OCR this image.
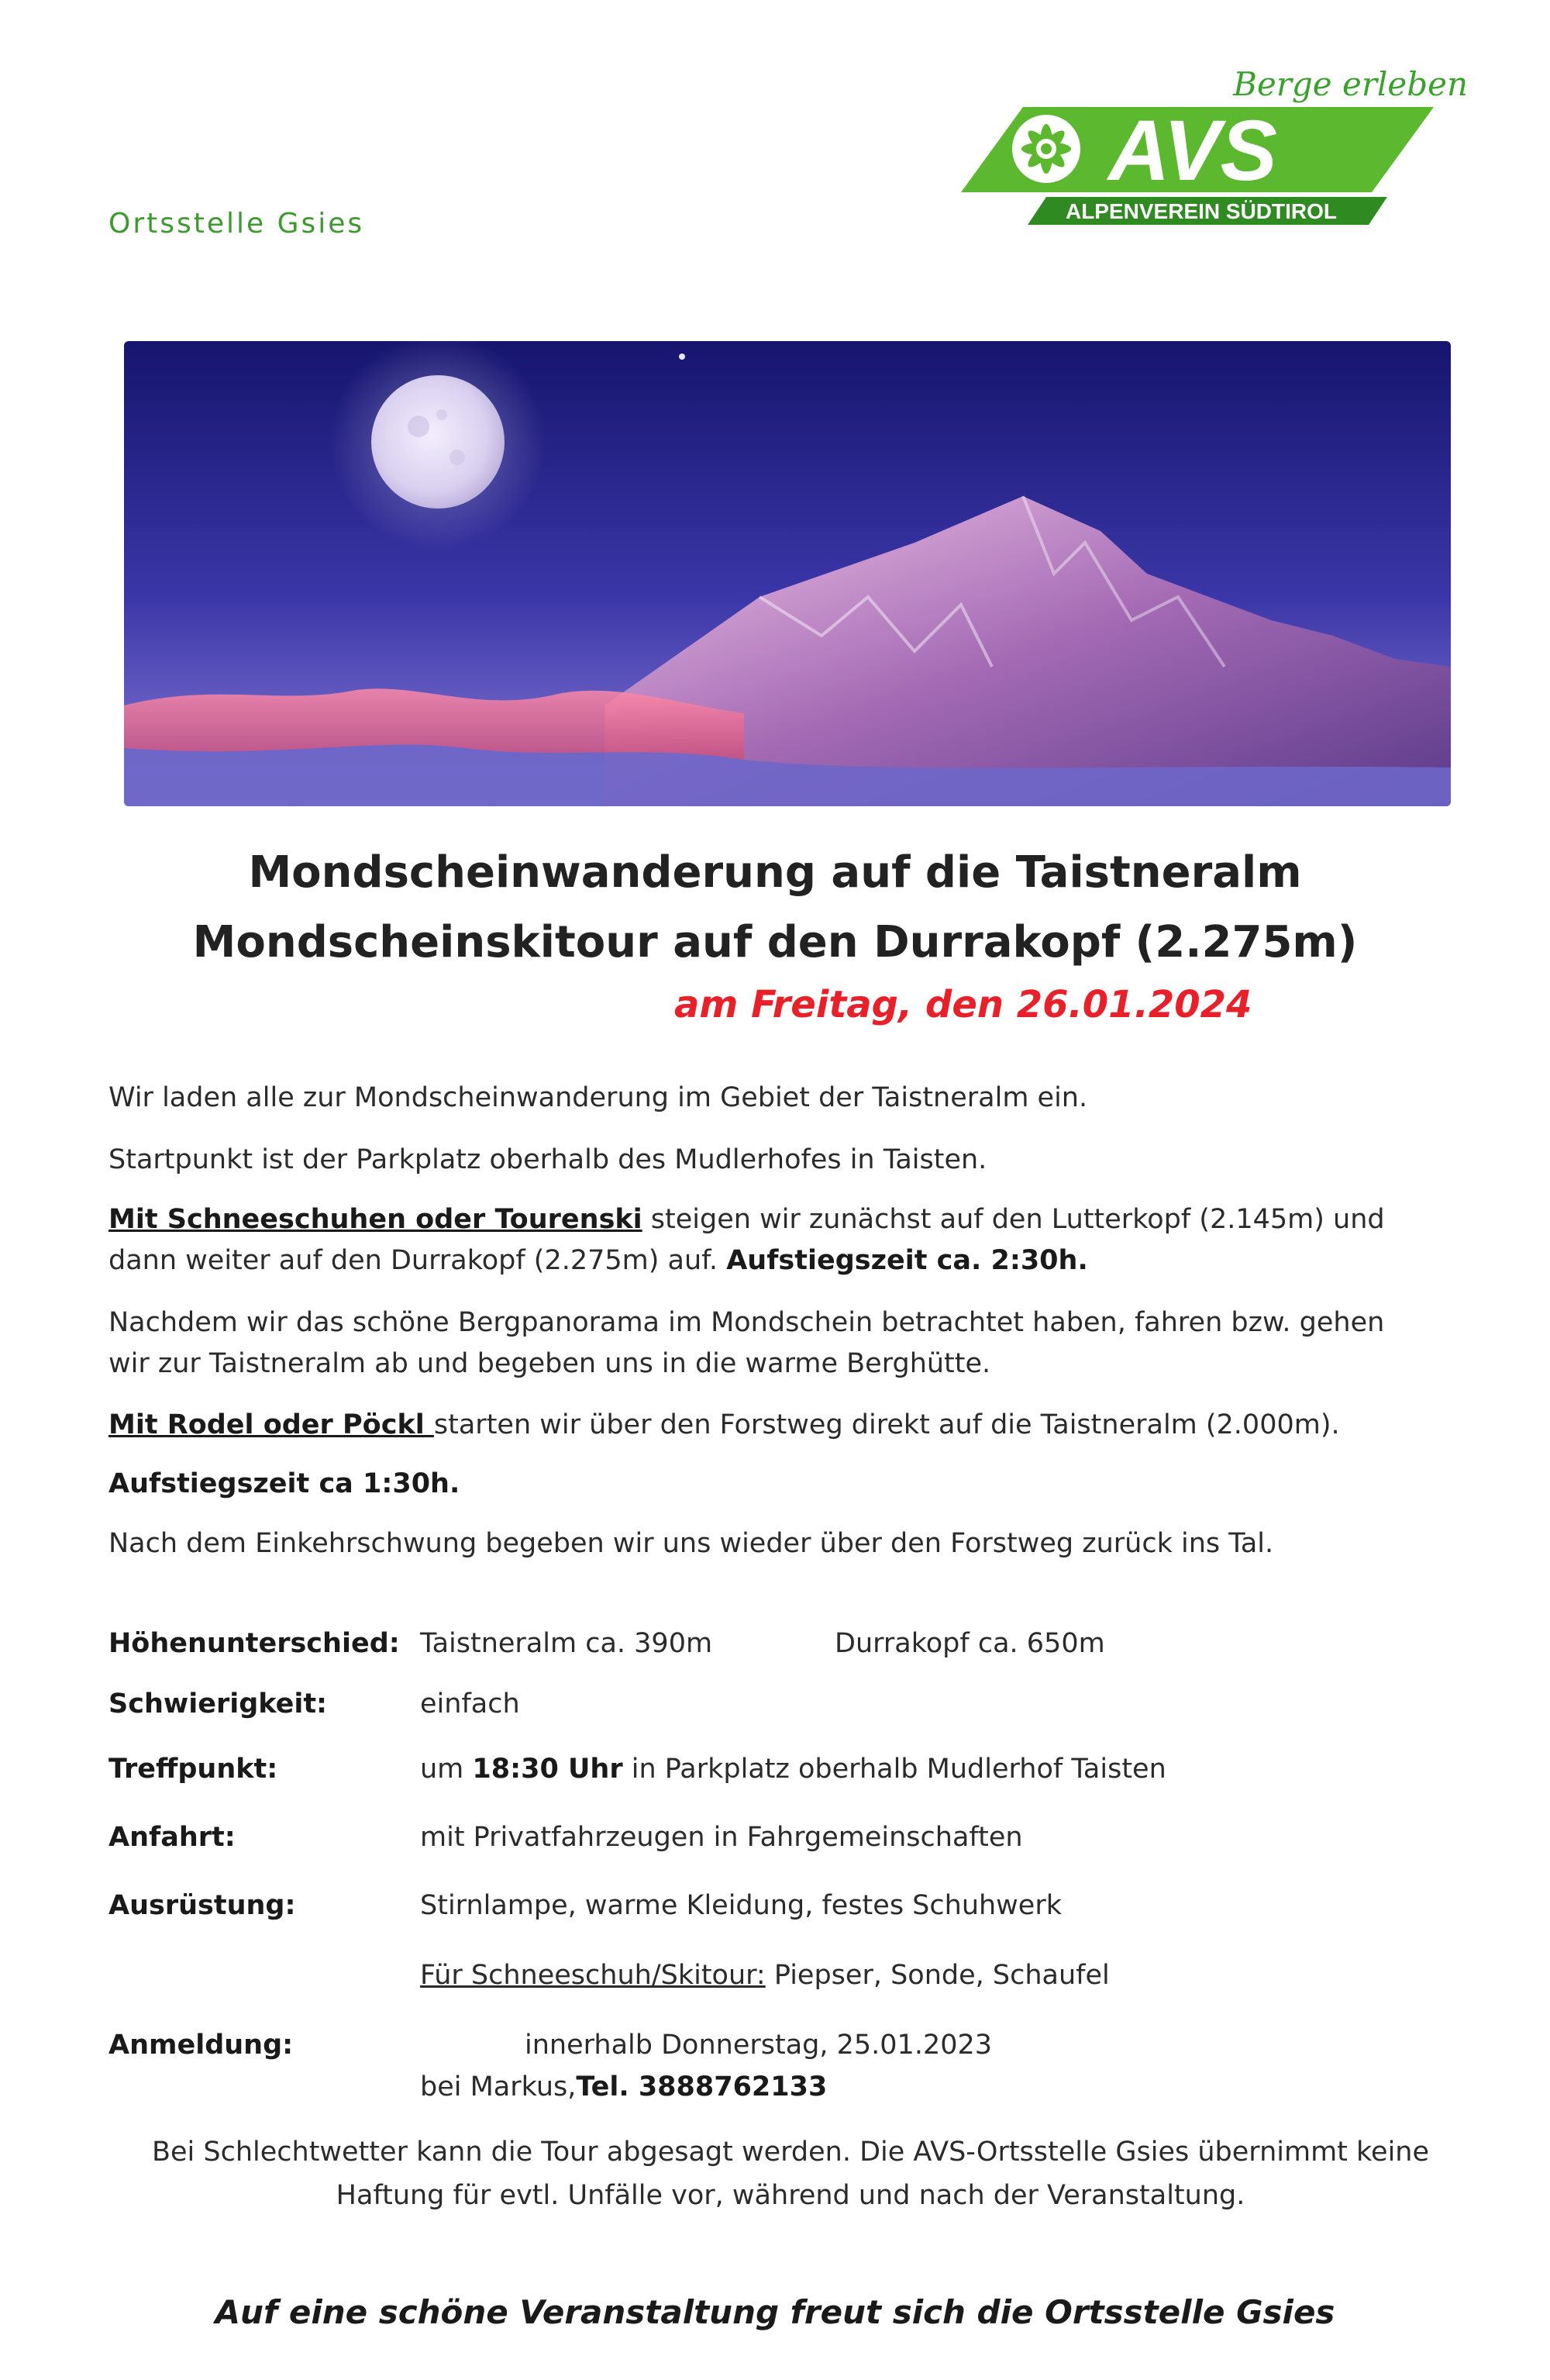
Ortsstelle Gsies
Berge erleben
AVS
ALPENVEREIN SÜDTIROL
Mondscheinwanderung auf die Taistneralm
Mondscheinskitour auf den Durrakopf (2.275m)
am Freitag, den 26.01.2024
Wir laden alle zur Mondscheinwanderung im Gebiet der Taistneralm ein.
Startpunkt ist der Parkplatz oberhalb des Mudlerhofes in Taisten.
Mit Schneeschuhen oder Tourenski steigen wir zunächst auf den Lutterkopf (2.145m) und
dann weiter auf den Durrakopf (2.275m) auf. Aufstiegszeit ca. 2:30h.
Nachdem wir das schöne Bergpanorama im Mondschein betrachtet haben, fahren bzw. gehen
wir zur Taistneralm ab und begeben uns in die warme Berghütte.
Mit Rodel oder Pöckl starten wir über den Forstweg direkt auf die Taistneralm (2.000m).
Aufstiegszeit ca 1:30h.
Nach dem Einkehrschwung begeben wir uns wieder über den Forstweg zurück ins Tal.
Höhenunterschied: Taistneralm ca. 390m	Durrakopf ca. 650m
Schwierigkeit:	einfach
Treffpunkt:	um 18:30 Uhr in Parkplatz oberhalb Mudlerhof Taisten
Anfahrt:	mit Privatfahrzeugen in Fahrgemeinschaften
Ausrüstung:	Stirnlampe, warme Kleidung, festes Schuhwerk
Für Schneeschuh/Skitour: Piepser, Sonde, Schaufel
Anmeldung:	innerhalb Donnerstag, 25.01.2023
bei Markus,Tel. 3888762133
Bei Schlechtwetter kann die Tour abgesagt werden. Die AVS-Ortsstelle Gsies übernimmt keine
Haftung für evtl. Unfälle vor, während und nach der Veranstaltung.
Auf eine schöne Veranstaltung freut sich die Ortsstelle Gsies
